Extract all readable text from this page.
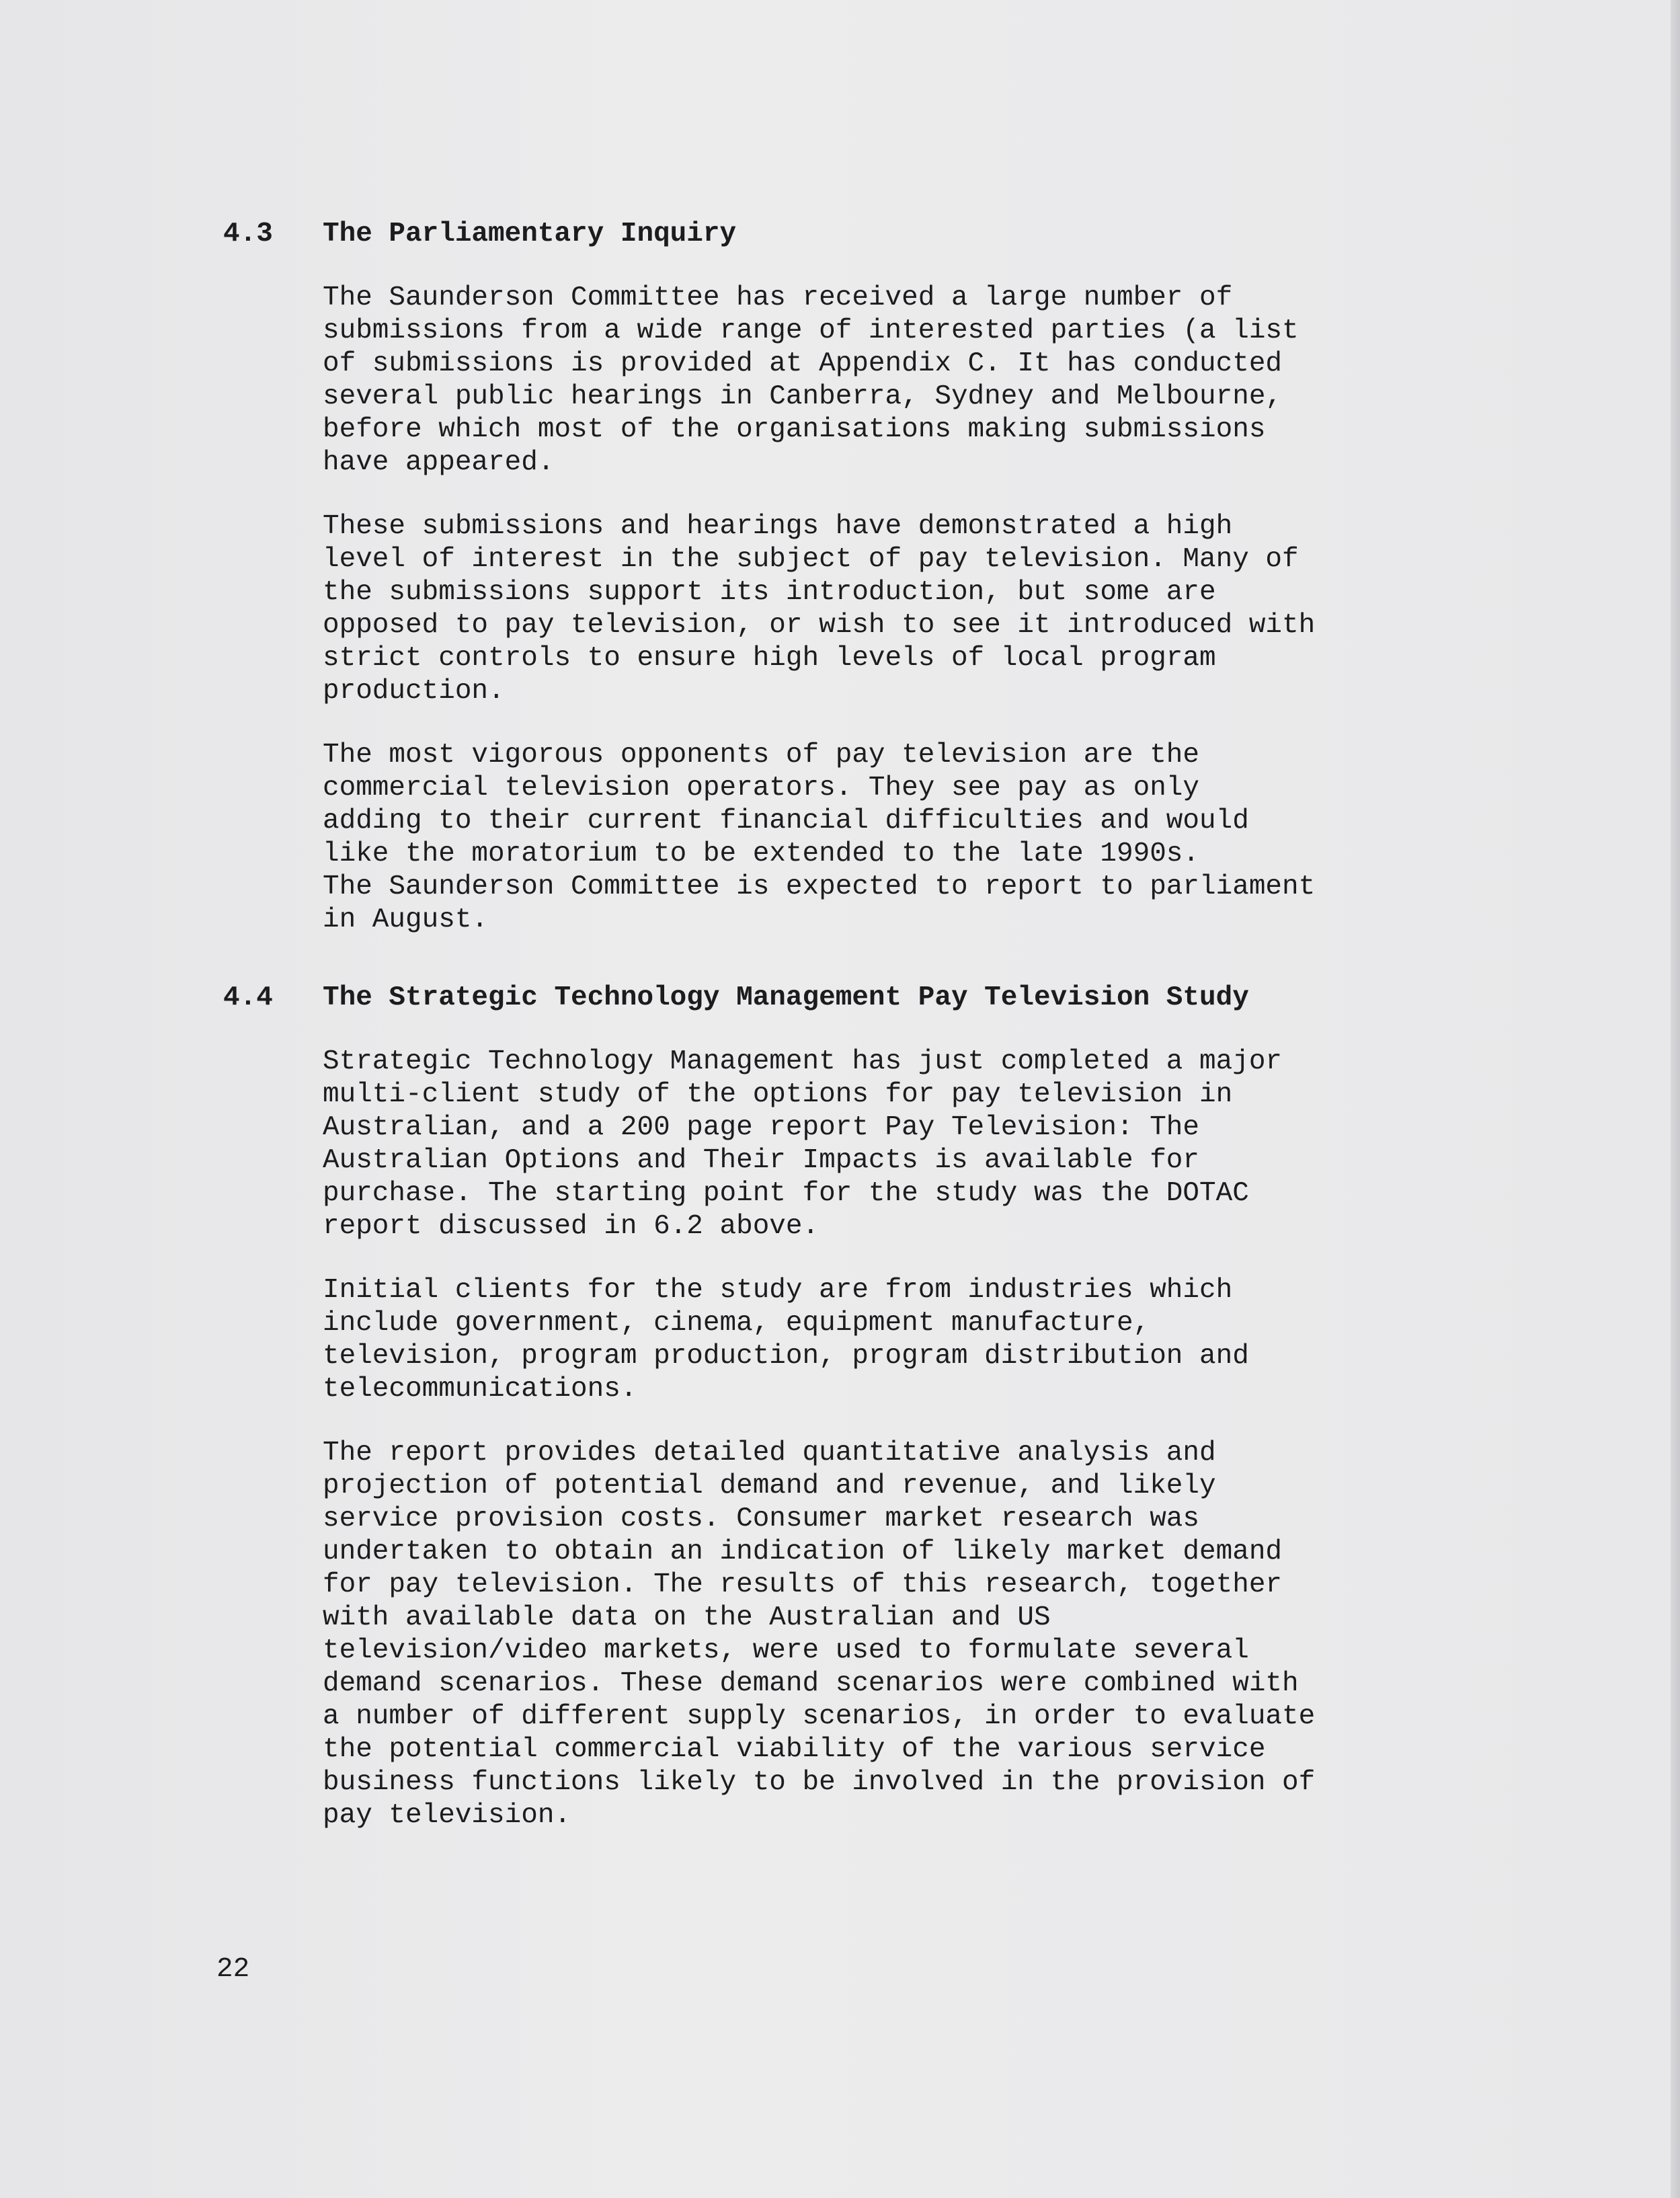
4.3	The Parliamentary Inquiry

The Saunderson Committee has received a large number of
submissions from a wide range of interested parties (a list
of submissions is provided at Appendix C. It has conducted
several public hearings in Canberra, Sydney and Melbourne,
before which most of the organisations making submissions
have appeared.

These submissions and hearings have demonstrated a high
level of interest in the subject of pay television. Many of
the submissions support its introduction, but some are
opposed to pay television, or wish to see it introduced with
strict controls to ensure high levels of local program
production.

The most vigorous opponents of pay television are the
commercial television operators. They see pay as only
adding to their current financial difficulties and would
like the moratorium to be extended to the late 1990s.
The Saunderson Committee is expected to report to parliament
in August.

4.4	The Strategic Technology Management Pay Television Study

Strategic Technology Management has just completed a major
multi-client study of the options for pay television in
Australian, and a 200 page report Pay Television: The
Australian Options and Their Impacts is available for
purchase. The starting point for the study was the DOTAC
report discussed in 6.2 above.

Initial clients for the study are from industries which
include government, cinema, equipment manufacture,
television, program production, program distribution and
telecommunications.

The report provides detailed quantitative analysis and
projection of potential demand and revenue, and likely
service provision costs. Consumer market research was
undertaken to obtain an indication of likely market demand
for pay television. The results of this research, together
with available data on the Australian and US
television/video markets, were used to formulate several
demand scenarios. These demand scenarios were combined with
a number of different supply scenarios, in order to evaluate
the potential commercial viability of the various service
business functions likely to be involved in the provision of
pay television.

22
